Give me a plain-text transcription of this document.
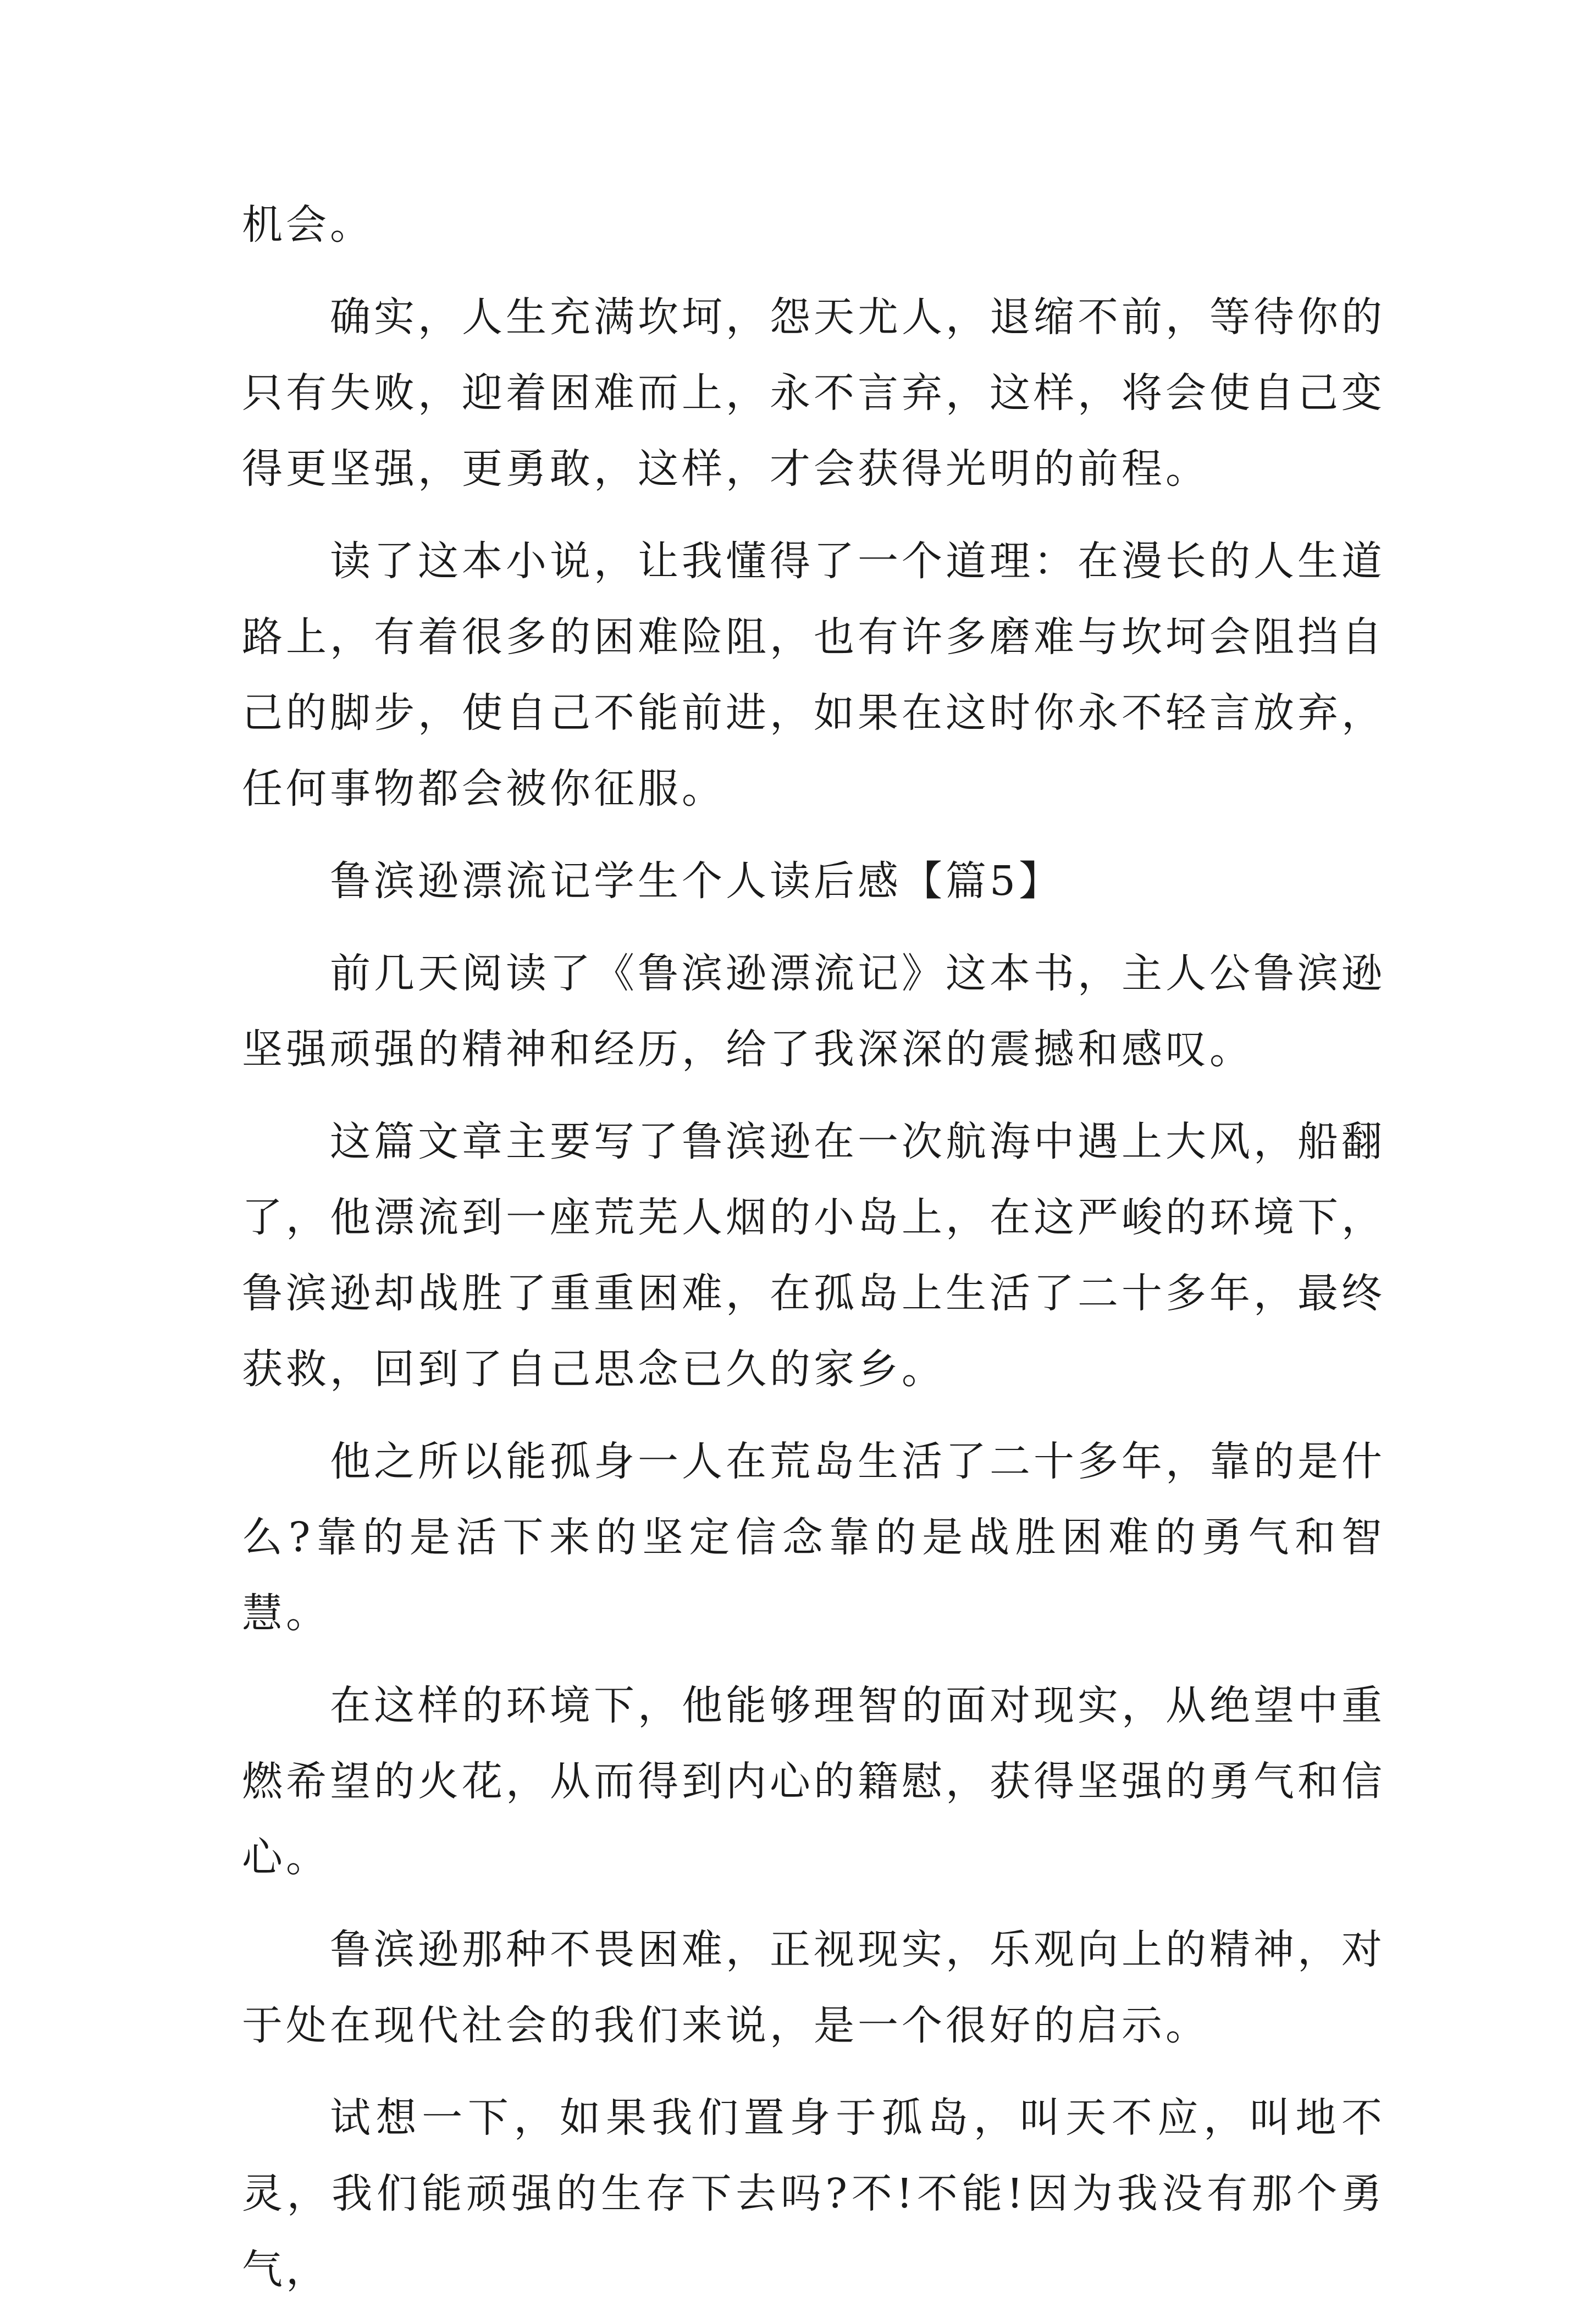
机会。

确实，人生充满坎坷，怨天尤人，退缩不前，等待你的只有失败，迎着困难而上，永不言弃，这样，将会使自己变得更坚强，更勇敢，这样，才会获得光明的前程。

读了这本小说，让我懂得了一个道理：在漫长的人生道路上，有着很多的困难险阻，也有许多磨难与坎坷会阻挡自己的脚步，使自己不能前进，如果在这时你永不轻言放弃，任何事物都会被你征服。

鲁滨逊漂流记学生个人读后感【篇5】

前几天阅读了《鲁滨逊漂流记》这本书，主人公鲁滨逊坚强顽强的精神和经历，给了我深深的震撼和感叹。

这篇文章主要写了鲁滨逊在一次航海中遇上大风，船翻了，他漂流到一座荒芜人烟的小岛上，在这严峻的环境下，鲁滨逊却战胜了重重困难，在孤岛上生活了二十多年，最终获救，回到了自己思念已久的家乡。

他之所以能孤身一人在荒岛生活了二十多年，靠的是什么?靠的是活下来的坚定信念靠的是战胜困难的勇气和智慧。

在这样的环境下，他能够理智的面对现实，从绝望中重燃希望的火花，从而得到内心的籍慰，获得坚强的勇气和信心。

鲁滨逊那种不畏困难，正视现实，乐观向上的精神，对于处在现代社会的我们来说，是一个很好的启示。

试想一下，如果我们置身于孤岛，叫天不应，叫地不灵，我们能顽强的生存下去吗?不!不能!因为我没有那个勇气，
